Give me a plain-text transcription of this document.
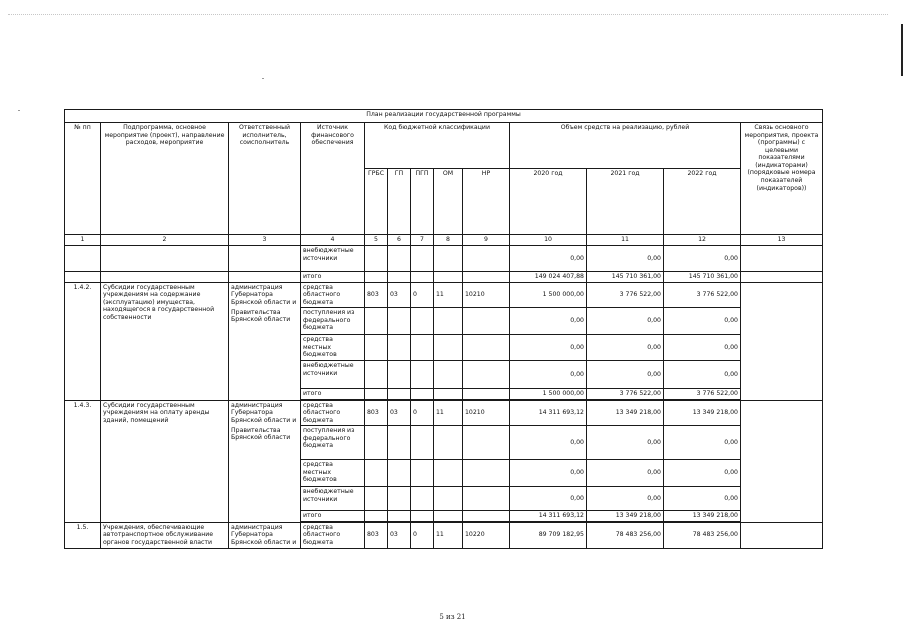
План реализации государственной программы												
№ пп	Подпрограмма, основное мероприятие (проект), направление расходов, мероприятие	Ответственный исполнитель, соисполнитель	Источник финансового обеспечения	Код бюджетной классификации					Объем средств на реализацию, рублей			Связь основного мероприятия, проекта (программы) с целевыми показателями (индикаторами) (порядковые номера показателей (индикаторов))
				ГРБС	ГП	ПГП	ОМ	НР	2020 год	2021 год	2022 год	
1	2	3	4	5	6	7	8	9	10	11	12	13
			внебюджетные источники						0,00	0,00	0,00	
			итого						149 024 407,88	145 710 361,00	145 710 361,00	
1.4.2.	Субсидии государственным учреждениям на содержание (эксплуатацию) имущества, находящегося в государственной собственности	администрация Губернатора Брянской области и	средства областного бюджета	803	03	0	11	10210	1 500 000,00	3 776 522,00	3 776 522,00	
		Правительства Брянской области	поступления из федерального бюджета						0,00	0,00	0,00	
			средства местных бюджетов						0,00	0,00	0,00	
			внебюджетные источники						0,00	0,00	0,00	
			итого						1 500 000,00	3 776 522,00	3 776 522,00	

1.4.3.	Субсидии государственным учреждениям на оплату аренды зданий, помещений	администрация Губернатора Брянской области и	средства областного бюджета	803	03	0	11	10210	14 311 693,12	13 349 218,00	13 349 218,00	
		Правительства Брянской области	поступления из федерального бюджета						0,00	0,00	0,00	
			средства местных бюджетов						0,00	0,00	0,00	
			внебюджетные источники						0,00	0,00	0,00	
			итого						14 311 693,12	13 349 218,00	13 349 218,00	

1.5.	Учреждения, обеспечивающие автотранспортное обслуживание органов государственной власти	администрация Губернатора Брянской области и	средства областного бюджета	803	03	0	11	10220	89 709 182,95	78 483 256,00	78 483 256,00	
5 из 21
